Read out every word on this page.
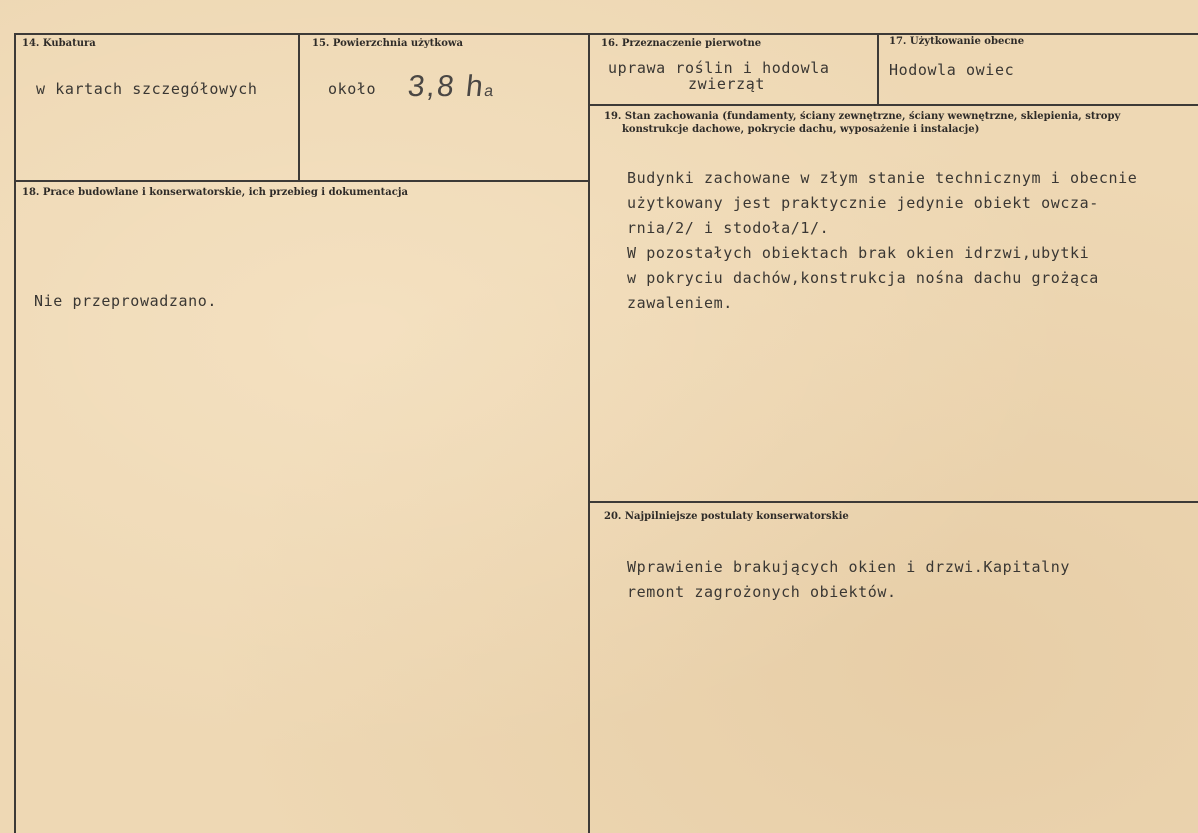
14. Kubatura
w kartach szczegółowych
15. Powierzchnia użytkowa
około 3,8 ha
16. Przeznaczenie pierwotne
uprawa roślin i hodowla
zwierząt
17. Użytkowanie obecne
Hodowla owiec
18. Prace budowlane i konserwatorskie, ich przebieg i dokumentacja
Nie przeprowadzano.
19. Stan zachowania (fundamenty, ściany zewnętrzne, ściany wewnętrzne, sklepienia, stropy
konstrukcje dachowe, pokrycie dachu, wyposażenie i instalacje)
Budynki zachowane w złym stanie technicznym i obecnie
użytkowany jest praktycznie jedynie obiekt owcza-
rnia/2/ i stodoła/1/.
W pozostałych obiektach brak okien idrzwi,ubytki
w pokryciu dachów,konstrukcja nośna dachu grożąca
zawaleniem.
20. Najpilniejsze postulaty konserwatorskie
Wprawienie brakujących okien i drzwi.Kapitalny
remont zagrożonych obiektów.
